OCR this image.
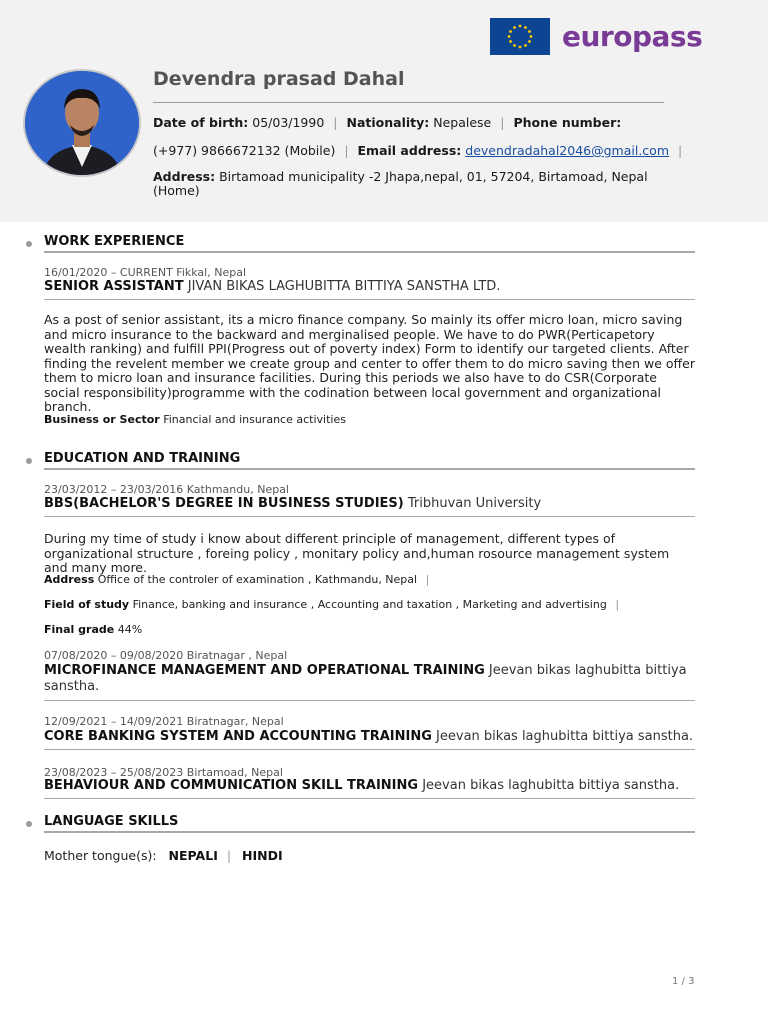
europass
Devendra prasad Dahal
Date of birth: 05/03/1990 | Nationality: Nepalese | Phone number:
(+977) 9866672132 (Mobile) | Email address: devendradahal2046@gmail.com |
Address: Birtamoad municipality -2 Jhapa,nepal, 01, 57204, Birtamoad, Nepal
(Home)
WORK EXPERIENCE
16/01/2020 – CURRENT Fikkal, Nepal
SENIOR ASSISTANT JIVAN BIKAS LAGHUBITTA BITTIYA SANSTHA LTD.
As a post of senior assistant, its a micro finance company. So mainly its offer micro loan, micro saving and micro insurance to the backward and merginalised people. We have to do PWR(Perticapetory wealth ranking) and fulfill PPI(Progress out of poverty index) Form to identify our targeted clients. After finding the revelent member we create group and center to offer them to do micro saving then we offer them to micro loan and insurance facilities. During this periods we also have to do CSR(Corporate social responsibility)programme with the codination between local government and organizational branch.
Business or Sector Financial and insurance activities
EDUCATION AND TRAINING
23/03/2012 – 23/03/2016 Kathmandu, Nepal
BBS(BACHELOR'S DEGREE IN BUSINESS STUDIES) Tribhuvan University
During my time of study i know about different principle of management, different types of organizational structure , foreing policy , monitary policy and,human rosource management system and many more.
Address Office of the controler of examination , Kathmandu, Nepal |
Field of study Finance, banking and insurance , Accounting and taxation , Marketing and advertising |
Final grade 44%
07/08/2020 – 09/08/2020 Biratnagar , Nepal
MICROFINANCE MANAGEMENT AND OPERATIONAL TRAINING Jeevan bikas laghubitta bittiya sanstha.
12/09/2021 – 14/09/2021 Biratnagar, Nepal
CORE BANKING SYSTEM AND ACCOUNTING TRAINING Jeevan bikas laghubitta bittiya sanstha.
23/08/2023 – 25/08/2023 Birtamoad, Nepal
BEHAVIOUR AND COMMUNICATION SKILL TRAINING Jeevan bikas laghubitta bittiya sanstha.
LANGUAGE SKILLS
Mother tongue(s): NEPALI | HINDI
1 / 3
